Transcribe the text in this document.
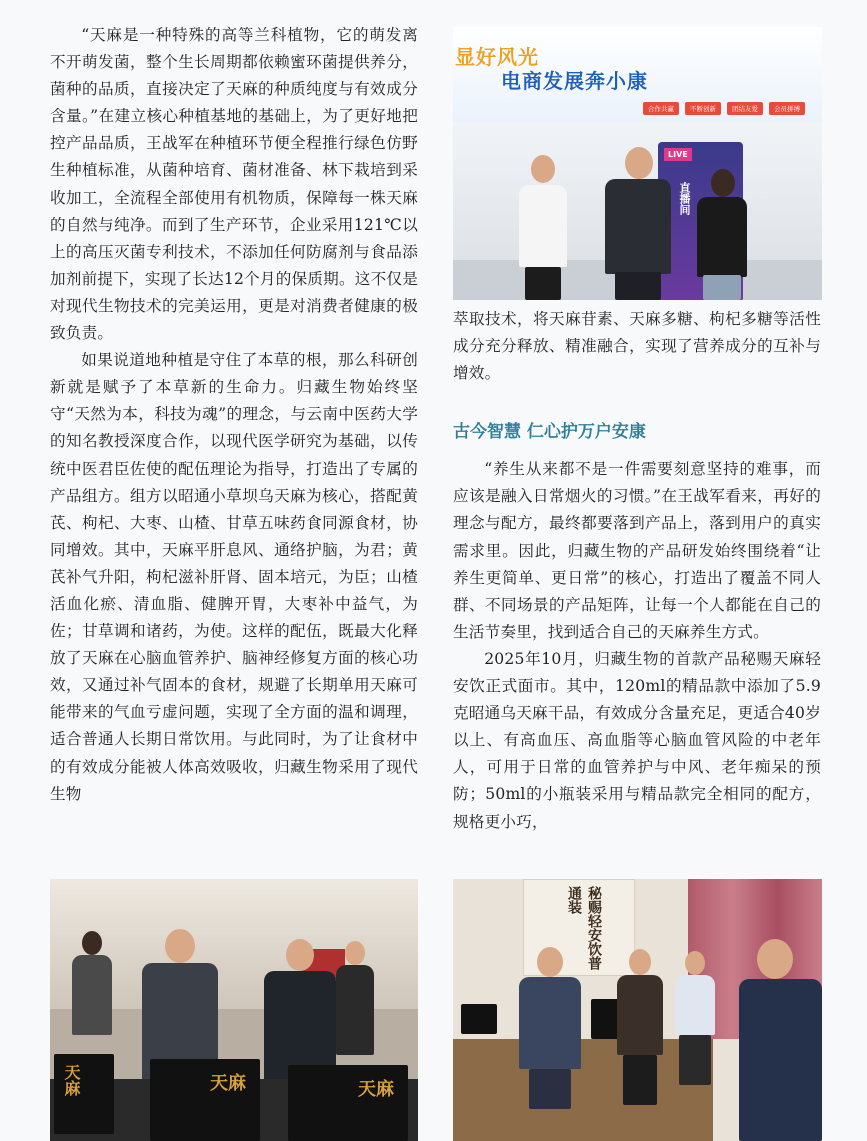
“天麻是一种特殊的高等兰科植物，它的萌发离不开萌发菌，整个生长周期都依赖蜜环菌提供养分，菌种的品质，直接决定了天麻的种质纯度与有效成分含量。”在建立核心种植基地的基础上，为了更好地把控产品品质，王战军在种植环节便全程推行绿色仿野生种植标准，从菌种培育、菌材准备、林下栽培到采收加工，全流程全部使用有机物质，保障每一株天麻的自然与纯净。而到了生产环节，企业采用121℃以上的高压灭菌专利技术，不添加任何防腐剂与食品添加剂前提下，实现了长达12个月的保质期。这不仅是对现代生物技术的完美运用，更是对消费者健康的极致负责。

如果说道地种植是守住了本草的根，那么科研创新就是赋予了本草新的生命力。归藏生物始终坚守“天然为本，科技为魂”的理念，与云南中医药大学的知名教授深度合作，以现代医学研究为基础，以传统中医君臣佐使的配伍理论为指导，打造出了专属的产品组方。组方以昭通小草坝乌天麻为核心，搭配黄芪、枸杞、大枣、山楂、甘草五味药食同源食材，协同增效。其中，天麻平肝息风、通络护脑，为君；黄芪补气升阳，枸杞滋补肝肾、固本培元，为臣；山楂活血化瘀、清血脂、健脾开胃，大枣补中益气，为佐；甘草调和诸药，为使。这样的配伍，既最大化释放了天麻在心脑血管养护、脑神经修复方面的核心功效，又通过补气固本的食材，规避了长期单用天麻可能带来的气血亏虚问题，实现了全方面的温和调理，适合普通人长期日常饮用。与此同时，为了让食材中的有效成分能被人体高效吸收，归藏生物采用了现代生物

显好风光
电商发展奔小康
合作共赢	不断创新	团结友爱	会员拼搏
LIVE
直播间

萃取技术，将天麻苷素、天麻多糖、枸杞多糖等活性成分充分释放、精准融合，实现了营养成分的互补与增效。

古今智慧 仁心护万户安康

“养生从来都不是一件需要刻意坚持的难事，而应该是融入日常烟火的习惯。”在王战军看来，再好的理念与配方，最终都要落到产品上，落到用户的真实需求里。因此，归藏生物的产品研发始终围绕着“让养生更简单、更日常”的核心，打造出了覆盖不同人群、不同场景的产品矩阵，让每一个人都能在自己的生活节奏里，找到适合自己的天麻养生方式。

2025年10月，归藏生物的首款产品秘赐天麻轻安饮正式面市。其中，120ml的精品款中添加了5.9克昭通乌天麻干品，有效成分含量充足，更适合40岁以上、有高血压、高血脂等心脑血管风险的中老年人，可用于日常的血管养护与中风、老年痴呆的预防；50ml的小瓶装采用与精品款完全相同的配方，规格更小巧，

天麻	天麻	天麻
秘赐轻安饮普通装
